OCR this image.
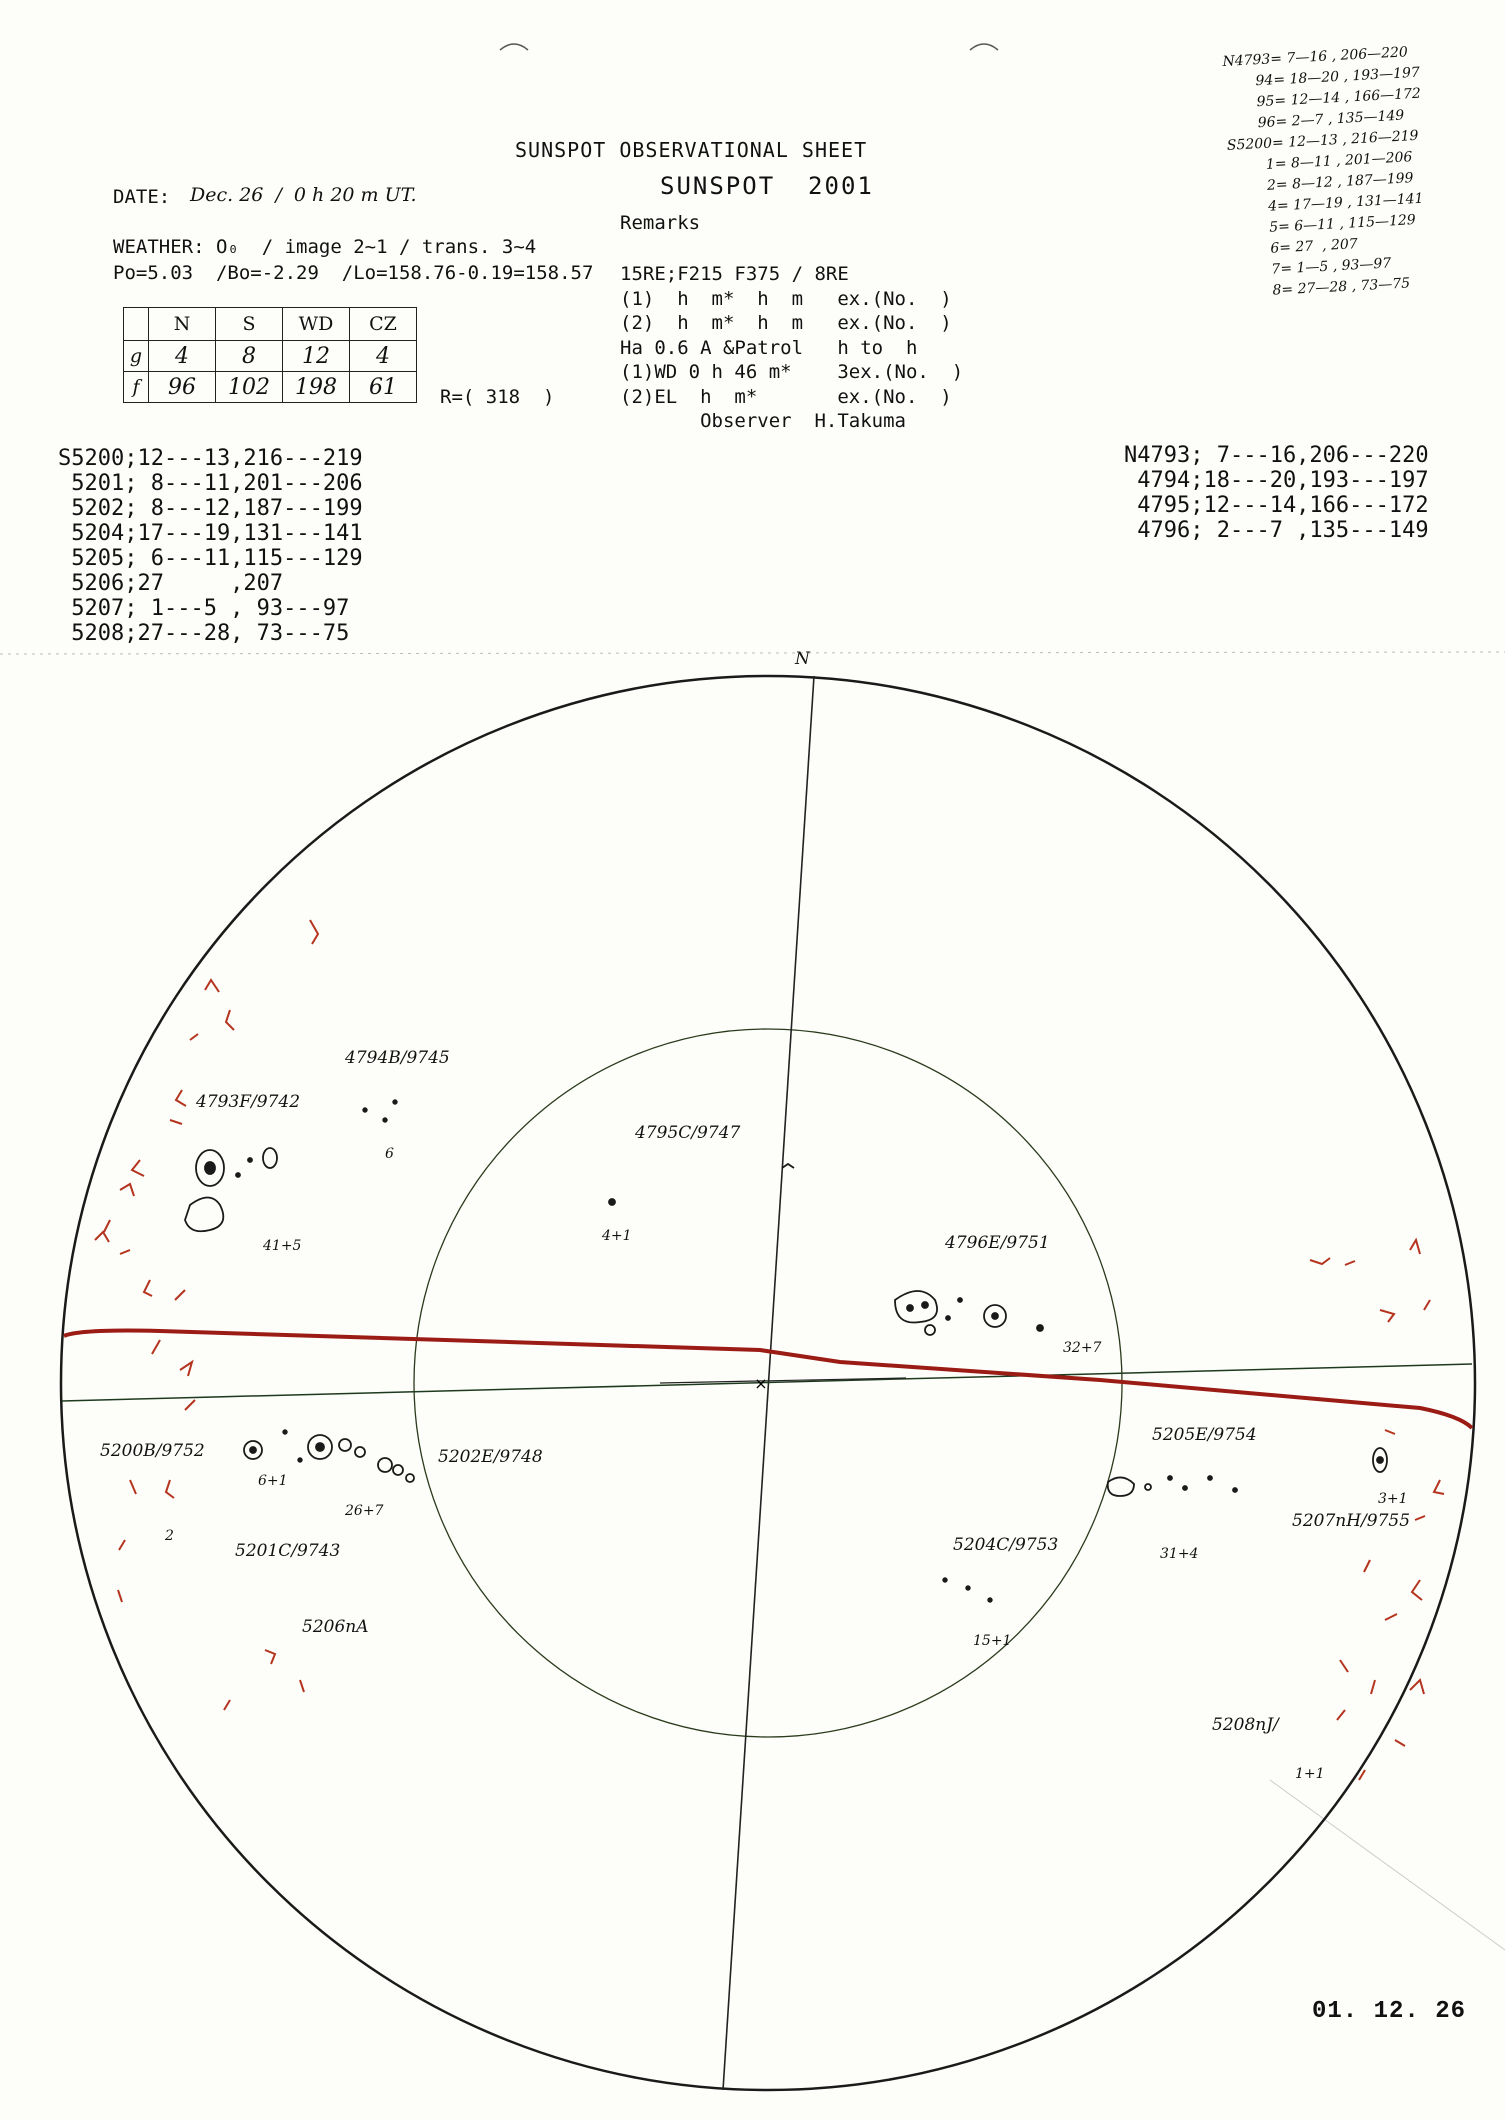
SUNSPOT OBSERVATIONAL SHEET
SUNSPOT  2001
DATE: Dec. 26  /  0 h 20 m UT.
WEATHER: O₀  / image 2~1 / trans. 3~4
Po=5.03  /Bo=-2.29  /Lo=158.76-0.19=158.57
	N	S	WD	CZ
g	4	8	12	4
f	96	102	198	61 R=( 318  )
Remarks
15RE;F215 F375 / 8RE
(1)  h  m*  h  m   ex.(No.  )
(2)  h  m*  h  m   ex.(No.  )
Ha 0.6 A &Patrol   h to  h
(1)WD 0 h 46 m*    3ex.(No.  )
(2)EL  h  m*       ex.(No.  )
Observer  H.Takuma
N4793= 7—16 , 206—220
94= 18—20 , 193—197
95= 12—14 , 166—172
96= 2—7 , 135—149
S5200= 12—13 , 216—219
1= 8—11 , 201—206
2= 8—12 , 187—199
4= 17—19 , 131—141
5= 6—11 , 115—129
6= 27  , 207
7= 1—5 , 93—97
8= 27—28 , 73—75
S5200;12---13,216---219
5201; 8---11,201---206
5202; 8---12,187---199
5204;17---19,131---141
5205; 6---11,115---129
5206;27     ,207
5207; 1---5 , 93---97
5208;27---28, 73---75
N4793; 7---16,206---220
4794;18---20,193---197
4795;12---14,166---172
4796; 2---7 ,135---149
×
N
4794B/9745
6
4793F/9742
41+5
4795C/9747
4+1	4796E/9751
32+7
5200B/9752
6+1
5202E/9748
26+7
5201C/9743
2
5206nA
5205E/9754
31+4
5207nH/9755
3+1
5204C/9753
15+1
5208nJ/
1+1
01. 12. 26
